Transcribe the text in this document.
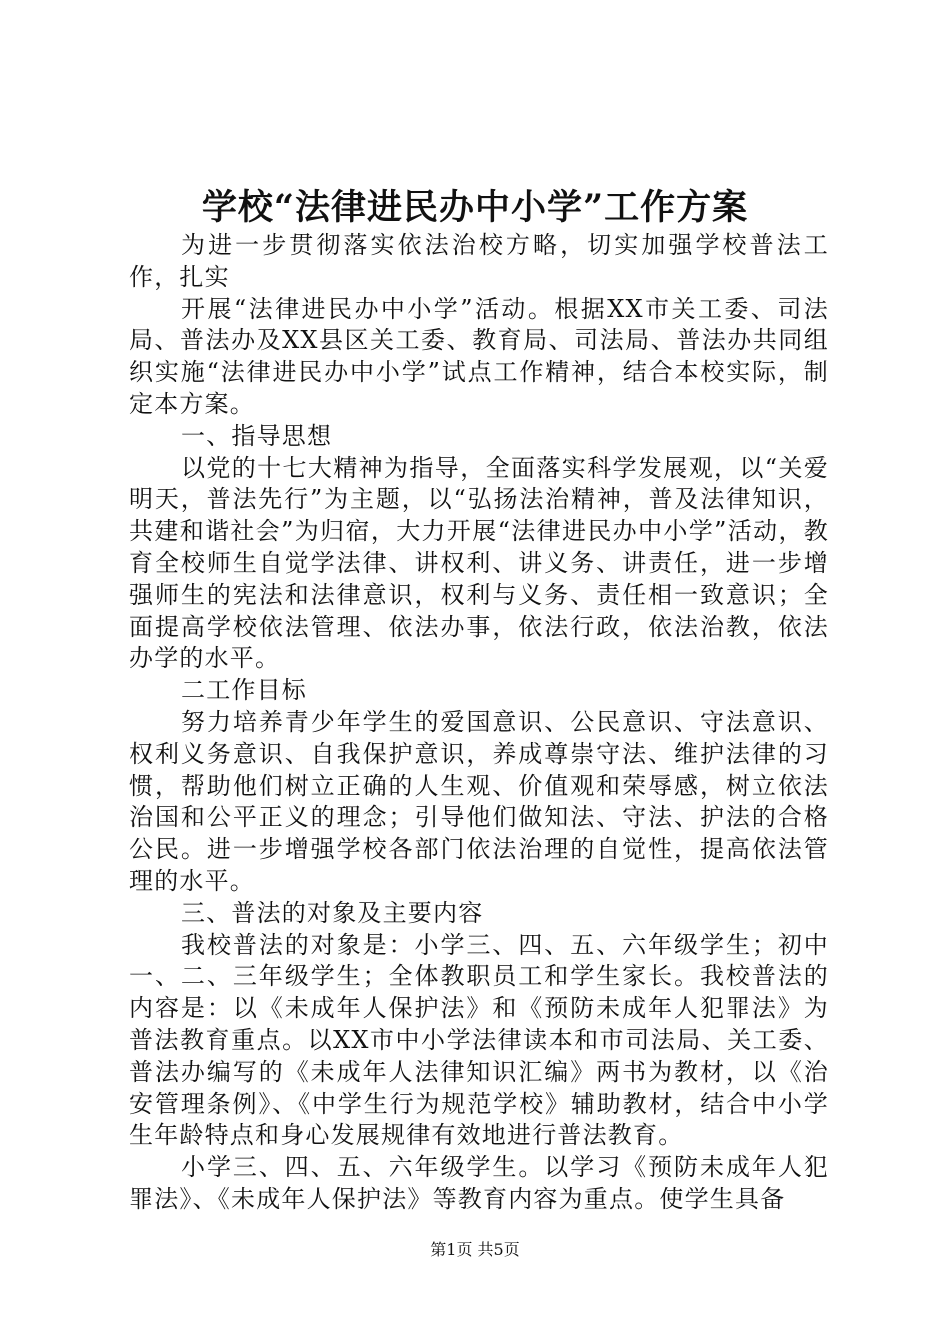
学校“法律进民办中小学”工作方案

为进一步贯彻落实依法治校方略，切实加强学校普法工作，扎实

开展“法律进民办中小学”活动。根据XX市关工委、司法局、普法办及XX县区关工委、教育局、司法局、普法办共同组织实施“法律进民办中小学”试点工作精神，结合本校实际，制定本方案。

一、指导思想

以党的十七大精神为指导，全面落实科学发展观，以“关爱明天，普法先行”为主题，以“弘扬法治精神，普及法律知识，共建和谐社会”为归宿，大力开展“法律进民办中小学”活动，教育全校师生自觉学法律、讲权利、讲义务、讲责任，进一步增强师生的宪法和法律意识，权利与义务、责任相一致意识；全面提高学校依法管理、依法办事，依法行政，依法治教，依法办学的水平。

二工作目标

努力培养青少年学生的爱国意识、公民意识、守法意识、权利义务意识、自我保护意识，养成尊崇守法、维护法律的习惯，帮助他们树立正确的人生观、价值观和荣辱感，树立依法治国和公平正义的理念；引导他们做知法、守法、护法的合格公民。进一步增强学校各部门依法治理的自觉性，提高依法管理的水平。

三、普法的对象及主要内容

我校普法的对象是：小学三、四、五、六年级学生；初中一、二、三年级学生；全体教职员工和学生家长。我校普法的内容是：以《未成年人保护法》和《预防未成年人犯罪法》为普法教育重点。以XX市中小学法律读本和市司法局、关工委、普法办编写的《未成年人法律知识汇编》两书为教材，以《治安管理条例》、《中学生行为规范学校》辅助教材，结合中小学生年龄特点和身心发展规律有效地进行普法教育。

小学三、四、五、六年级学生。以学习《预防未成年人犯罪法》、《未成年人保护法》等教育内容为重点。使学生具备

第1页 共5页
